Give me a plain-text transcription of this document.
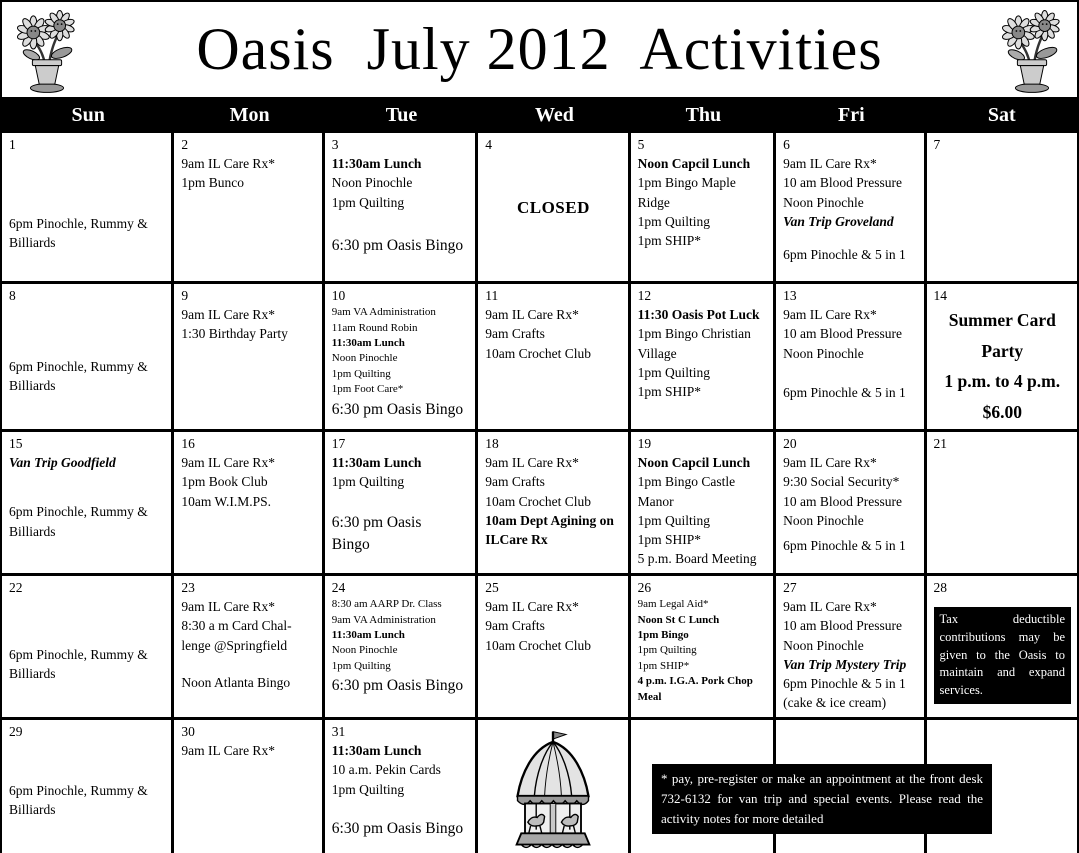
Oasis  July 2012  Activities
Sun	Mon	Tue	Wed	Thu	Fri	Sat
1
6pm Pinochle, Rummy & Billiards
2
9am IL Care Rx*
1pm Bunco
3
11:30am Lunch
Noon Pinochle
1pm Quilting
6:30 pm Oasis Bingo
4
CLOSED
5
Noon Capcil Lunch
1pm Bingo Maple Ridge
1pm Quilting
1pm SHIP*
6
9am IL Care Rx*
10 am Blood Pressure
Noon Pinochle
Van Trip Groveland
6pm Pinochle & 5 in 1
7
8
6pm Pinochle, Rummy & Billiards
9
9am IL Care Rx*
1:30 Birthday Party
10
9am VA Administration
11am Round Robin
11:30am Lunch
Noon Pinochle
1pm Quilting
1pm Foot Care*
6:30 pm Oasis Bingo
11
9am IL Care Rx*
9am Crafts
10am Crochet Club
12
11:30 Oasis Pot Luck
1pm Bingo Christian Village
1pm Quilting
1pm SHIP*
13
9am IL Care Rx*
10 am Blood Pressure
Noon Pinochle
6pm Pinochle & 5 in 1
14
Summer Card Party
1 p.m. to 4 p.m.
$6.00
15
Van Trip Goodfield
6pm Pinochle, Rummy & Billiards
16
9am IL Care Rx*
1pm Book Club
10am W.I.M.PS.
17
11:30am Lunch
1pm Quilting
6:30 pm Oasis Bingo
18
9am IL Care Rx*
9am Crafts
10am Crochet Club
10am Dept Agining on ILCare Rx
19
Noon Capcil Lunch
1pm Bingo Castle Manor
1pm Quilting
1pm SHIP*
5 p.m. Board Meeting
20
9am IL Care Rx*
9:30 Social Security*
10 am Blood Pressure
Noon Pinochle
6pm Pinochle & 5 in 1
21
22
6pm Pinochle, Rummy & Billiards
23
9am IL Care Rx*
8:30 a m Card Chal-lenge @Springfield
Noon Atlanta Bingo
24
8:30 am AARP Dr. Class
9am VA Administration
11:30am Lunch
Noon Pinochle
1pm Quilting
6:30 pm Oasis Bingo
25
9am IL Care Rx*
9am Crafts
10am Crochet Club
26
9am Legal Aid*
Noon St C Lunch
1pm Bingo
1pm Quilting
1pm SHIP*
4 p.m. I.G.A. Pork Chop Meal
27
9am IL Care Rx*
10 am Blood Pressure
Noon Pinochle
Van Trip Mystery Trip
6pm Pinochle & 5 in 1
(cake & ice cream)
28
Tax deductible contributions may be given to the Oasis to maintain and expand services.
29
6pm Pinochle, Rummy & Billiards
30
9am IL Care Rx*
31
11:30am Lunch
10 a.m. Pekin Cards
1pm Quilting
6:30 pm Oasis Bingo
* pay, pre-register or make an appointment at the front desk 732-6132 for van trip and special events. Please read the activity notes for more detailed
